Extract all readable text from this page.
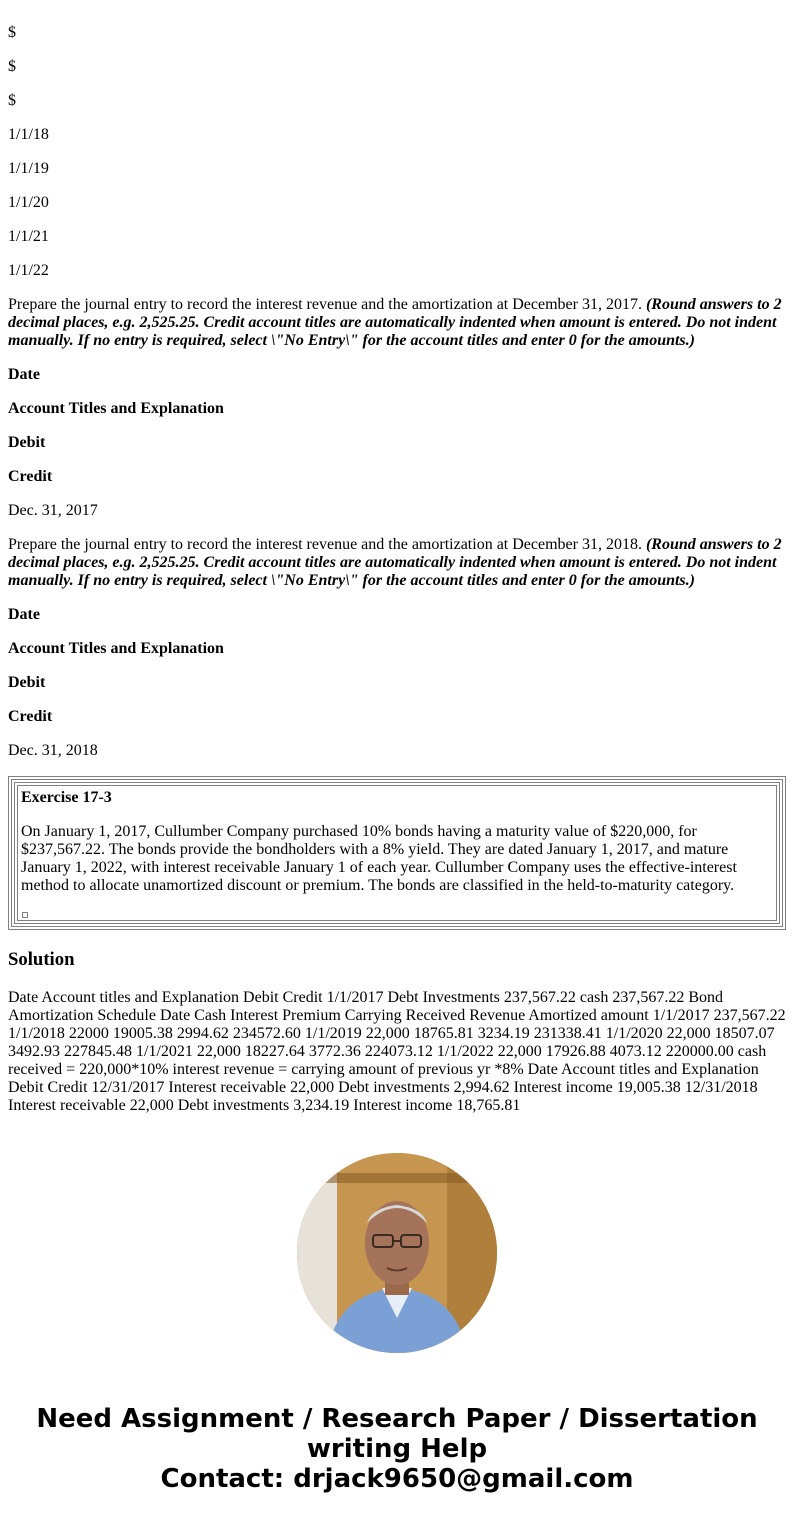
$

$

$

1/1/18

1/1/19

1/1/20

1/1/21

1/1/22

Prepare the journal entry to record the interest revenue and the amortization at December 31, 2017. (Round answers to 2 decimal places, e.g. 2,525.25. Credit account titles are automatically indented when amount is entered. Do not indent manually. If no entry is required, select \"No Entry\" for the account titles and enter 0 for the amounts.)

Date

Account Titles and Explanation

Debit

Credit

Dec. 31, 2017

Prepare the journal entry to record the interest revenue and the amortization at December 31, 2018. (Round answers to 2 decimal places, e.g. 2,525.25. Credit account titles are automatically indented when amount is entered. Do not indent manually. If no entry is required, select \"No Entry\" for the account titles and enter 0 for the amounts.)

Date

Account Titles and Explanation

Debit

Credit

Dec. 31, 2018

Exercise 17-3

On January 1, 2017, Cullumber Company purchased 10% bonds having a maturity value of $220,000, for $237,567.22. The bonds provide the bondholders with a 8% yield. They are dated January 1, 2017, and mature January 1, 2022, with interest receivable January 1 of each year. Cullumber Company uses the effective-interest method to allocate unamortized discount or premium. The bonds are classified in the held-to-maturity category.

Solution

Date Account titles and Explanation Debit Credit 1/1/2017 Debt Investments 237,567.22 cash 237,567.22 Bond Amortization Schedule Date Cash Interest Premium Carrying Received Revenue Amortized amount 1/1/2017 237,567.22 1/1/2018 22000 19005.38 2994.62 234572.60 1/1/2019 22,000 18765.81 3234.19 231338.41 1/1/2020 22,000 18507.07 3492.93 227845.48 1/1/2021 22,000 18227.64 3772.36 224073.12 1/1/2022 22,000 17926.88 4073.12 220000.00 cash received = 220,000*10% interest revenue = carrying amount of previous yr *8% Date Account titles and Explanation Debit Credit 12/31/2017 Interest receivable 22,000 Debt investments 2,994.62 Interest income 19,005.38 12/31/2018 Interest receivable 22,000 Debt investments 3,234.19 Interest income 18,765.81

Need Assignment / Research Paper / Dissertation
writing Help
Contact: drjack9650@gmail.com
